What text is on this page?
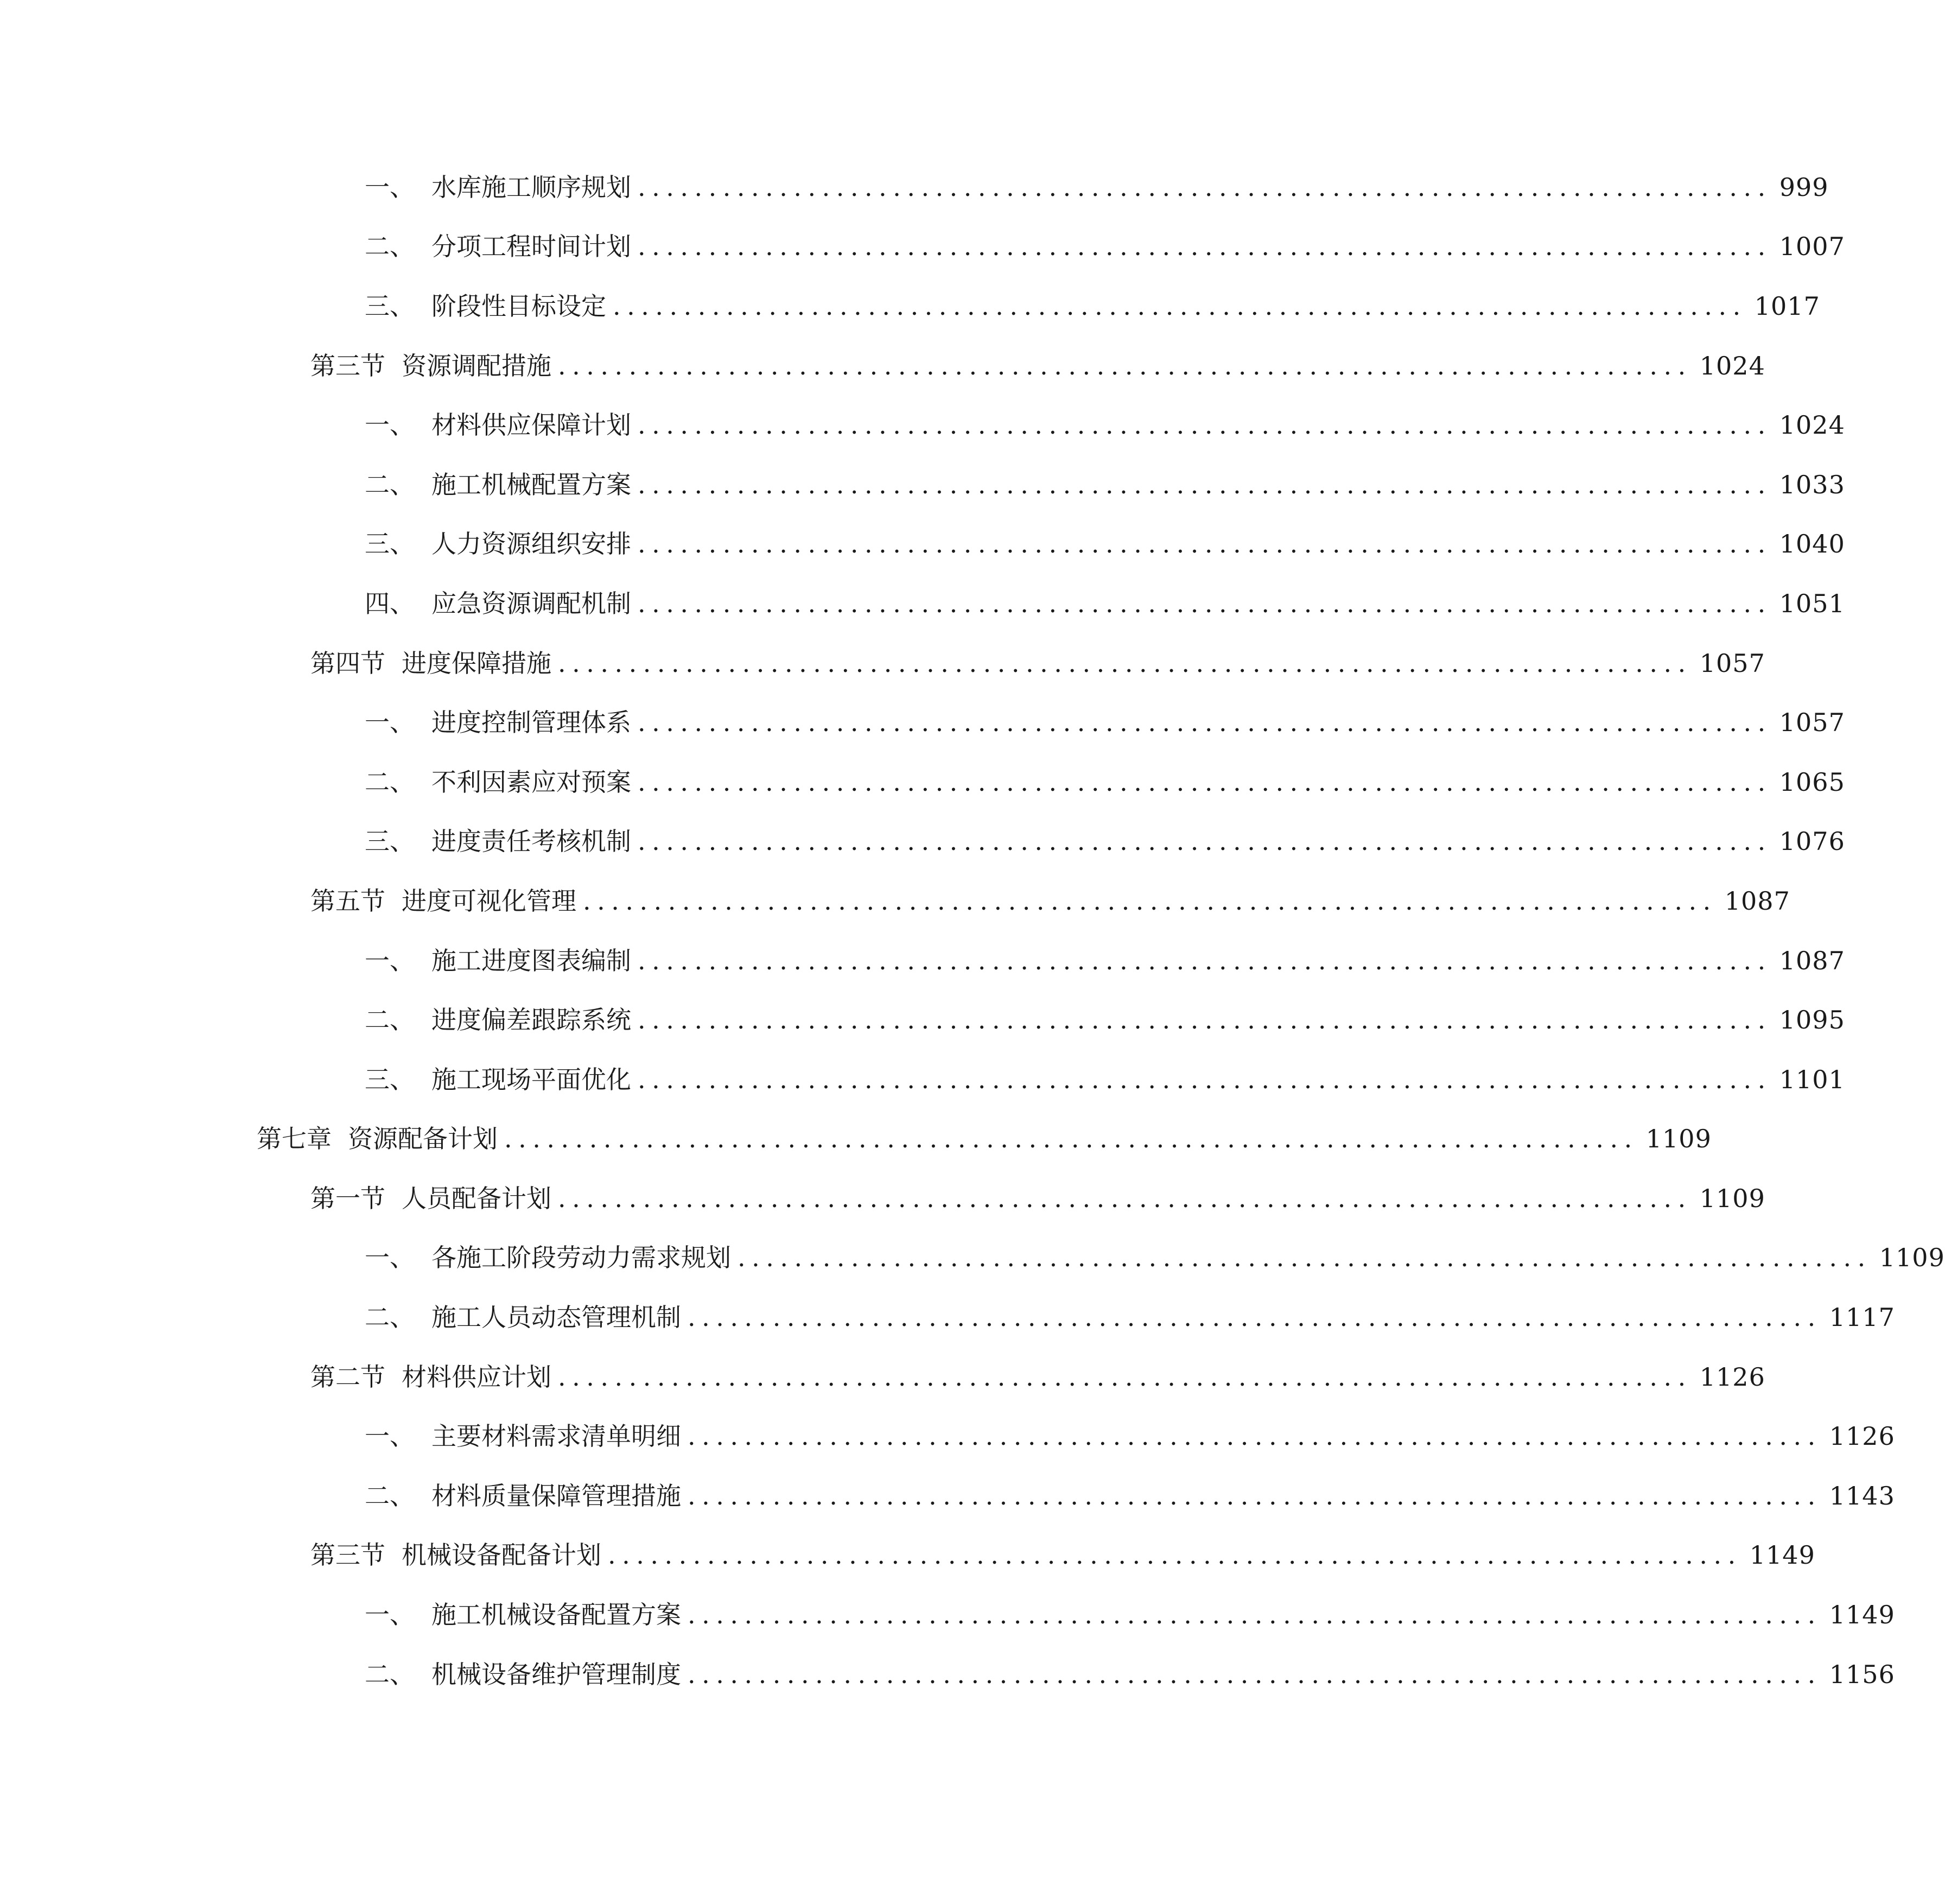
一、 水库施工顺序规划 ................................................................................ 999
二、 分项工程时间计划 ................................................................................ 1007
三、 阶段性目标设定 ................................................................................ 1017
第三节 资源调配措施 ................................................................................ 1024
一、 材料供应保障计划 ................................................................................ 1024
二、 施工机械配置方案 ................................................................................ 1033
三、 人力资源组织安排 ................................................................................ 1040
四、 应急资源调配机制 ................................................................................ 1051
第四节 进度保障措施 ................................................................................ 1057
一、 进度控制管理体系 ................................................................................ 1057
二、 不利因素应对预案 ................................................................................ 1065
三、 进度责任考核机制 ................................................................................ 1076
第五节 进度可视化管理 ................................................................................ 1087
一、 施工进度图表编制 ................................................................................ 1087
二、 进度偏差跟踪系统 ................................................................................ 1095
三、 施工现场平面优化 ................................................................................ 1101
第七章 资源配备计划 ................................................................................ 1109
第一节 人员配备计划 ................................................................................ 1109
一、 各施工阶段劳动力需求规划 ................................................................................ 1109
二、 施工人员动态管理机制 ................................................................................ 1117
第二节 材料供应计划 ................................................................................ 1126
一、 主要材料需求清单明细 ................................................................................ 1126
二、 材料质量保障管理措施 ................................................................................ 1143
第三节 机械设备配备计划 ................................................................................ 1149
一、 施工机械设备配置方案 ................................................................................ 1149
二、 机械设备维护管理制度 ................................................................................ 1156
